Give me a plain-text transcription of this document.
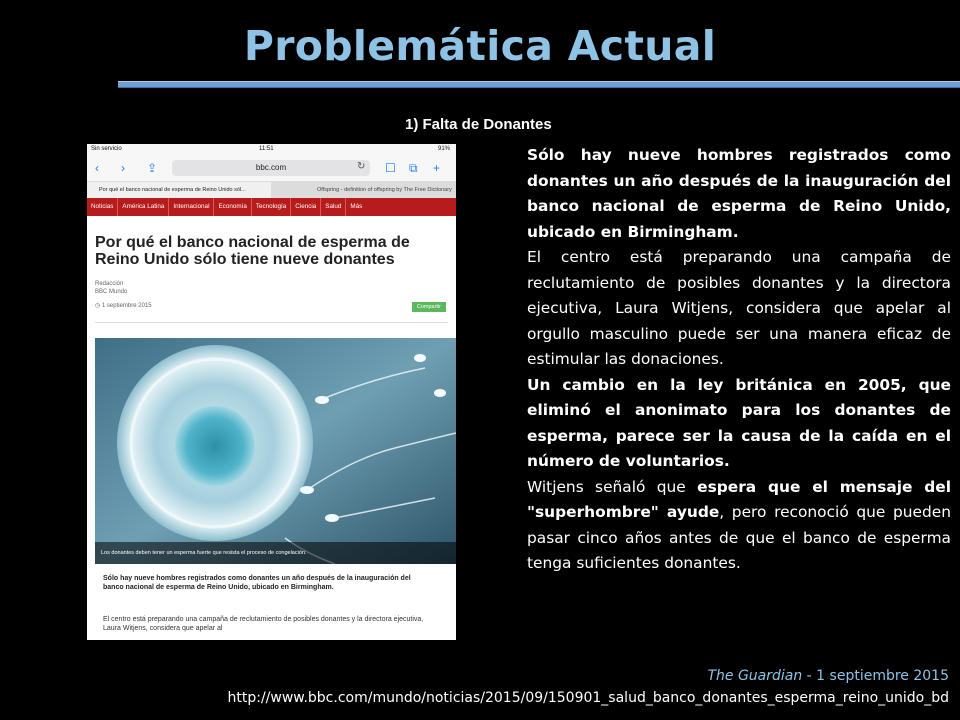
Problemática Actual
1) Falta de Donantes
Sin servicio	11:51	91%
‹ › ⇪	bbc.com	↻ ☐ ⧉ +
Por qué el banco nacional de esperma de Reino Unido sól...	Offspring - definition of offspring by The Free Dictionary
Noticias	América Latina	Internacional	Economía	Tecnología	Ciencia	Salud	Más
Por qué el banco nacional de esperma de Reino Unido sólo tiene nueve donantes
Redacción
BBC Mundo
◷ 1 septiembre 2015	Compartir
Los donantes deben tener un esperma fuerte que resista el proceso de congelación.
Sólo hay nueve hombres registrados como donantes un año después de la inauguración del banco nacional de esperma de Reino Unido, ubicado en Birmingham.
El centro está preparando una campaña de reclutamiento de posibles donantes y la directora ejecutiva, Laura Witjens, considera que apelar al

Sólo hay nueve hombres registrados como donantes un año después de la inauguración del banco nacional de esperma de Reino Unido, ubicado en Birmingham.

El centro está preparando una campaña de reclutamiento de posibles donantes y la directora ejecutiva, Laura Witjens, considera que apelar al orgullo masculino puede ser una manera eficaz de estimular las donaciones.

Un cambio en la ley británica en 2005, que eliminó el anonimato para los donantes de esperma, parece ser la causa de la caída en el número de voluntarios.

Witjens señaló que espera que el mensaje del "superhombre" ayude, pero reconoció que pueden pasar cinco años antes de que el banco de esperma tenga suficientes donantes.

The Guardian - 1 septiembre 2015
http://www.bbc.com/mundo/noticias/2015/09/150901_salud_banco_donantes_esperma_reino_unido_bd
